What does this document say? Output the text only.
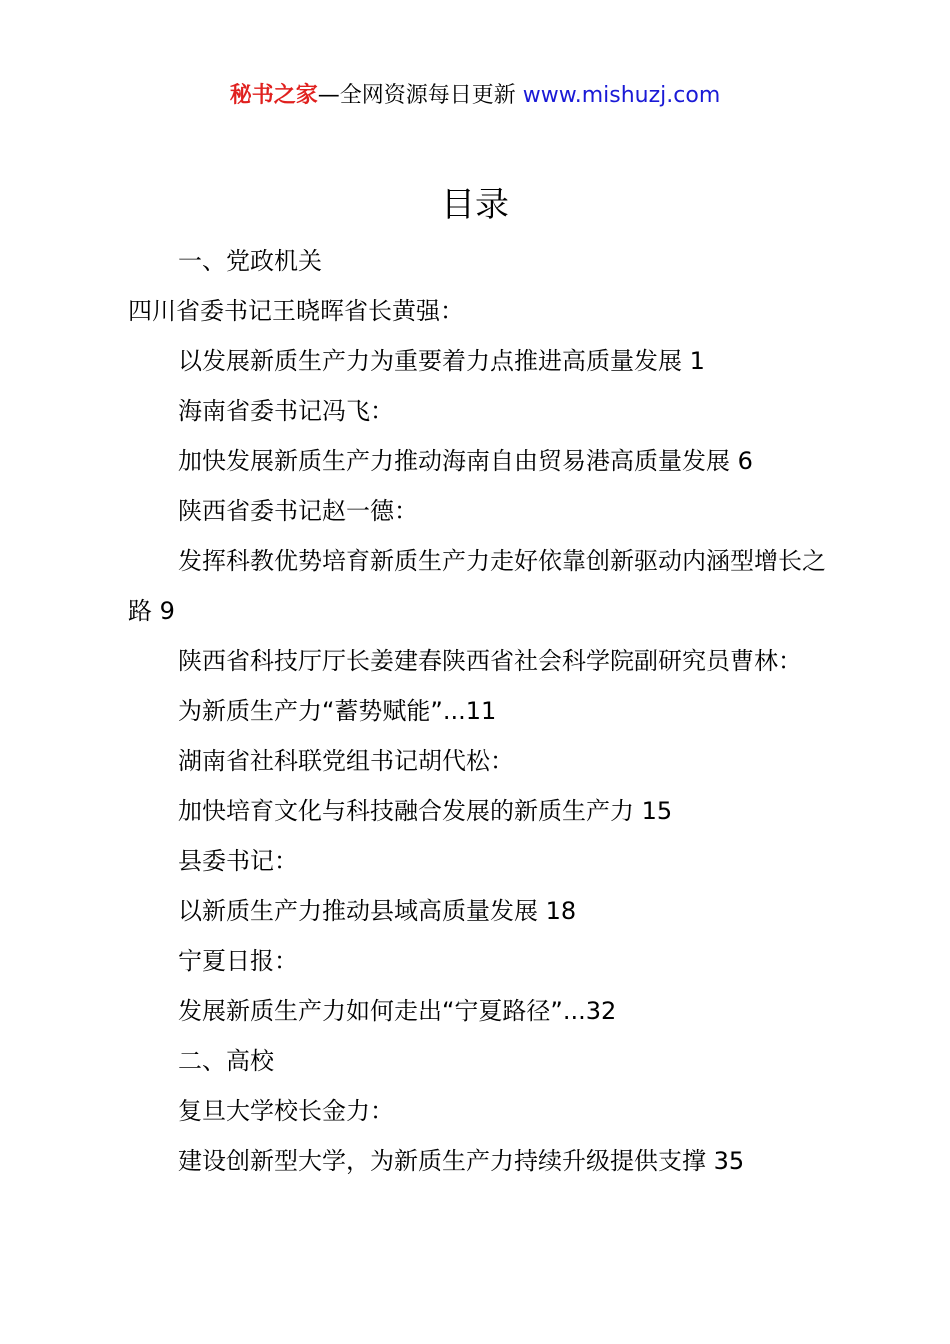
秘书之家—全网资源每日更新 www.mishuzj.com
目录
一、党政机关
四川省委书记王晓晖省长黄强：
以发展新质生产力为重要着力点推进高质量发展 1
海南省委书记冯飞：
加快发展新质生产力推动海南自由贸易港高质量发展 6
陕西省委书记赵一德：
发挥科教优势培育新质生产力走好依靠创新驱动内涵型增长之路 9
陕西省科技厅厅长姜建春陕西省社会科学院副研究员曹林：
为新质生产力“蓄势赋能”...11
湖南省社科联党组书记胡代松：
加快培育文化与科技融合发展的新质生产力 15
县委书记：
以新质生产力推动县域高质量发展 18
宁夏日报：
发展新质生产力如何走出“宁夏路径”...32
二、高校
复旦大学校长金力：
建设创新型大学，为新质生产力持续升级提供支撑 35
